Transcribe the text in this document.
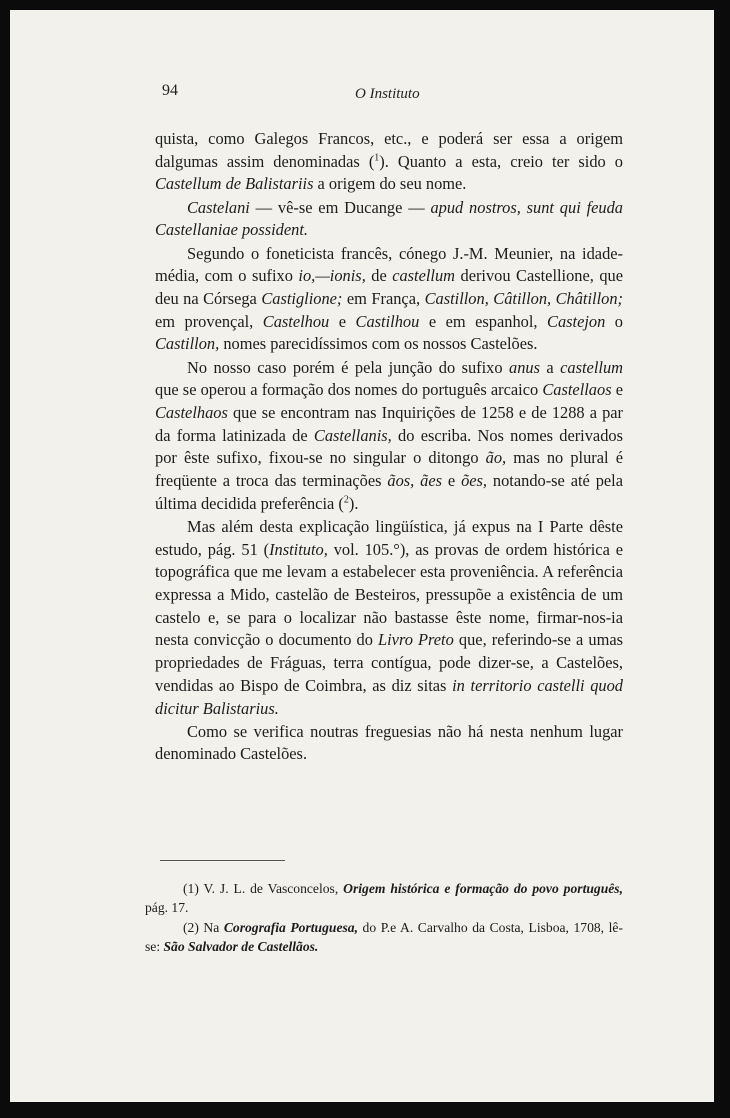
94	O Instituto

quista, como Galegos Francos, etc., e poderá ser essa a origem dalgumas assim denominadas ($^1$). Quanto a esta, creio ter sido o Castellum de Balistariis a origem do seu nome.

Castelani — vê-se em Ducange — apud nostros, sunt qui feuda Castellaniae possident.

Segundo o foneticista francês, cónego J.-M. Meunier, na idade-média, com o sufixo io,—ionis, de castellum derivou Castellione, que deu na Córsega Castiglione; em França, Castillon, Câtillon, Châtillon; em provençal, Castelhou e Castilhou e em espanhol, Castejon o Castillon, nomes parecidíssimos com os nossos Castelões.

No nosso caso porém é pela junção do sufixo anus a castellum que se operou a formação dos nomes do português arcaico Castellaos e Castelhaos que se encontram nas Inquirições de 1258 e de 1288 a par da forma latinizada de Castellanis, do escriba. Nos nomes derivados por êste sufixo, fixou-se no singular o ditongo ão, mas no plural é freqüente a troca das terminações ãos, ães e ões, notando-se até pela última decidida preferência ($^2$).

Mas além desta explicação lingüística, já expus na I Parte dêste estudo, pág. 51 (Instituto, vol. 105.°), as provas de ordem histórica e topográfica que me levam a estabelecer esta proveniência. A referência expressa a Mido, castelão de Besteiros, pressupõe a existência de um castelo e, se para o localizar não bastasse êste nome, firmar-nos-ia nesta convicção o documento do Livro Preto que, referindo-se a umas propriedades de Fráguas, terra contígua, pode dizer-se, a Castelões, vendidas ao Bispo de Coimbra, as diz sitas in territorio castelli quod dicitur Balistarius.

Como se verifica noutras freguesias não há nesta nenhum lugar denominado Castelões.

(1) V. J. L. de Vasconcelos, Origem histórica e formação do povo português, pág. 17.

(2) Na Corografia Portuguesa, do P.e A. Carvalho da Costa, Lisboa, 1708, lê-se: São Salvador de Castellãos.
